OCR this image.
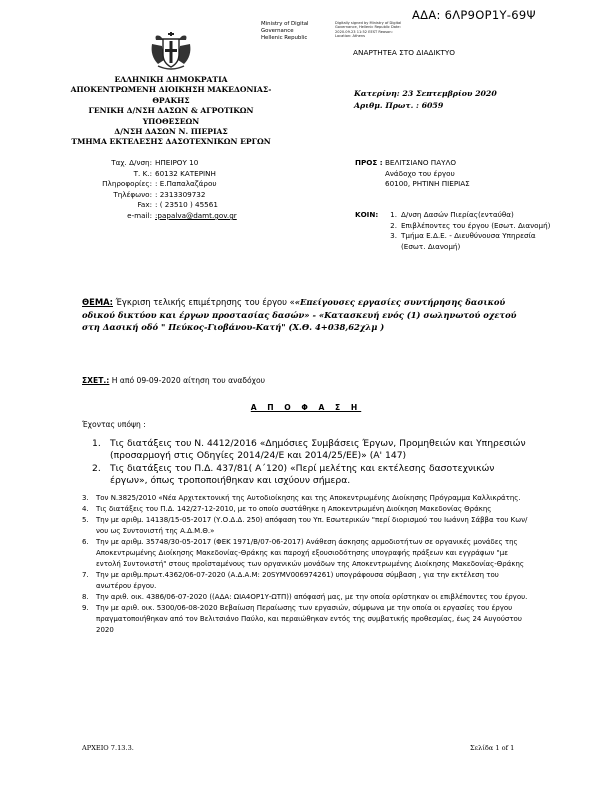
ΑΔΑ: 6ΛΡ9ΟΡ1Υ-69Ψ
Ministry of Digital
Governance
Hellenic Republic
Digitally signed by Ministry of Digital Governance, Hellenic Republic Date: 2020.09.23 11:52 EEST Reason: Location: Athens
ΑΝΑΡΤΗΤΕΑ ΣΤΟ ΔΙΑΔΙΚΤΥΟ
ΕΛΛΗΝΙΚΗ ΔΗΜΟΚΡΑΤΙΑ
ΑΠΟΚΕΝΤΡΩΜΕΝΗ ΔΙΟΙΚΗΣΗ ΜΑΚΕΔΟΝΙΑΣ-ΘΡΑΚΗΣ
ΓΕΝΙΚΗ Δ/ΝΣΗ ΔΑΣΩΝ & ΑΓΡΟΤΙΚΩΝ ΥΠΟΘΕΣΕΩΝ
Δ/ΝΣΗ ΔΑΣΩΝ Ν. ΠΙΕΡΙΑΣ
ΤΜΗΜΑ ΕΚΤΕΛΕΣΗΣ ΔΑΣΟΤΕΧΝΙΚΩΝ ΕΡΓΩΝ
Κατερίνη: 23 Σεπτεμβρίου 2020
Αριθμ. Πρωτ. : 6059
Ταχ. Δ/νση: ΗΠΕΙΡΟΥ 10
Τ. Κ.: 60132 ΚΑΤΕΡΙΝΗ
Πληροφορίες: : Ε.Παπαλαζάρου
Τηλέφωνο: : 2313309732
Fax: : ( 23510 ) 45561
e-mail: :papalva@damt.gov.gr
ΠΡΟΣ : ΒΕΛΙΤΣΙΑΝΟ ΠΑΥΛΟ
Ανάδοχο του έργου
60100, ΡΗΤΙΝΗ ΠΙΕΡΙΑΣ
ΚΟΙΝ:	1. Δ/νση Δασών Πιερίας(ενταύθα)
2. Επιβλέποντες του έργου (Εσωτ. Διανομή)
3. Τμήμα Ε.Δ.Ε. - Διευθύνουσα Υπηρεσία (Εσωτ. Διανομή)
ΘΕΜΑ: Έγκριση τελικής επιμέτρησης του έργου ««Επείγουσες εργασίες συντήρησης δασικού οδικού δικτύου και έργων προστασίας δασών» - «Κατασκευή ενός (1) σωληνωτού οχετού στη Δασική οδό " Πεύκος-Γιοβάνου-Κατή" (Χ.Θ. 4+038,62χλμ )
ΣΧΕΤ.: Η από 09-09-2020 αίτηση του αναδόχου
Α Π Ο Φ Α Σ Η
Έχοντας υπόψη :
1.	Τις διατάξεις του Ν. 4412/2016 «Δημόσιες Συμβάσεις Έργων, Προμηθειών και Υπηρεσιών (προσαρμογή στις Οδηγίες 2014/24/Ε και 2014/25/ΕΕ)» (Α' 147)
2.	Τις διατάξεις του Π.Δ. 437/81( Α΄120) «Περί μελέτης και εκτέλεσης δασοτεχνικών έργων», όπως τροποποιήθηκαν και ισχύουν σήμερα.
3.	Τον Ν.3825/2010 «Νέα Αρχιτεκτονική της Αυτοδιοίκησης και της Αποκεντρωμένης Διοίκησης Πρόγραμμα Καλλικράτης.
4.	Τις διατάξεις του Π.Δ. 142/27-12-2010, με το οποίο συστάθηκε η Αποκεντρωμένη Διοίκηση Μακεδονίας Θράκης
5.	Την με αριθμ. 14138/15-05-2017 (Υ.Ο.Δ.Δ. 250) απόφαση του Υπ. Εσωτερικών "περί διορισμού του Ιωάννη Σάββα του Κων/νου ως Συντονιστή της Α.Δ.Μ.Θ.»
6.	Την με αριθμ. 35748/30-05-2017 (ΦΕΚ 1971/Β/07-06-2017) Ανάθεση άσκησης αρμοδιοτήτων σε οργανικές μονάδες της Αποκεντρωμένης Διοίκησης Μακεδονίας-Θράκης και παροχή εξουσιοδότησης υπογραφής πράξεων και εγγράφων "με εντολή Συντονιστή" στους προϊσταμένους των οργανικών μονάδων της Αποκεντρωμένης Διοίκησης Μακεδονίας-Θράκης
7.	Την με αριθμ.πρωτ.4362/06-07-2020 (Α.Δ.Α.Μ: 20SYMV006974261) υπογράφουσα σύμβαση , για την εκτέλεση του ανωτέρου έργου.
8.	Την αριθ. οικ. 4386/06-07-2020 ((ΑΔΑ: ΩΙΑ4ΟΡ1Υ-ΩΤΠ)) απόφασή μας, με την οποία ορίστηκαν οι επιβλέποντες του έργου.
9.	Την με αριθ. οικ. 5300/06-08-2020 Βεβαίωση Περαίωσης των εργασιών, σύμφωνα με την οποία οι εργασίες του έργου πραγματοποιήθηκαν από τον Βελιτσιάνο Παύλο, και περαιώθηκαν εντός της συμβατικής προθεσμίας, έως 24 Αυγούστου 2020
ΑΡΧΕΙΟ 7.13.3.	Σελίδα 1 of 1
